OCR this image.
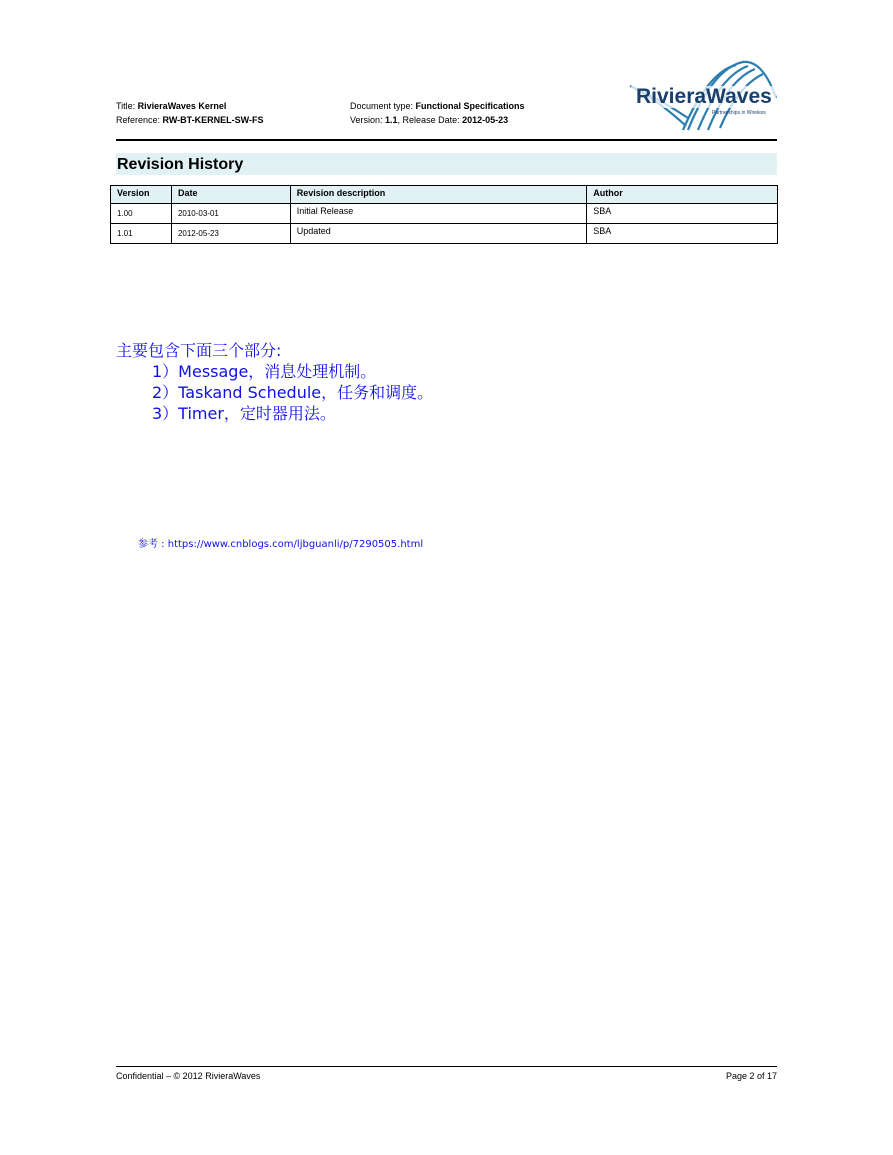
Title: RivieraWaves Kernel
Reference: RW-BT-KERNEL-SW-FS
Document type: Functional Specifications
Version: 1.1, Release Date: 2012-05-23
RivieraWaves
Partnerships in Wireless
Revision History
Version	Date	Revision description	Author
1.00	2010-03-01	Initial Release	SBA
1.01	2012-05-23	Updated	SBA
主要包含下面三个部分:
1）Message，消息处理机制。
2）Taskand Schedule，任务和调度。
3）Timer，定时器用法。
参考 : https://www.cnblogs.com/ljbguanli/p/7290505.html
Confidential – © 2012 RivieraWaves	Page 2 of 17
